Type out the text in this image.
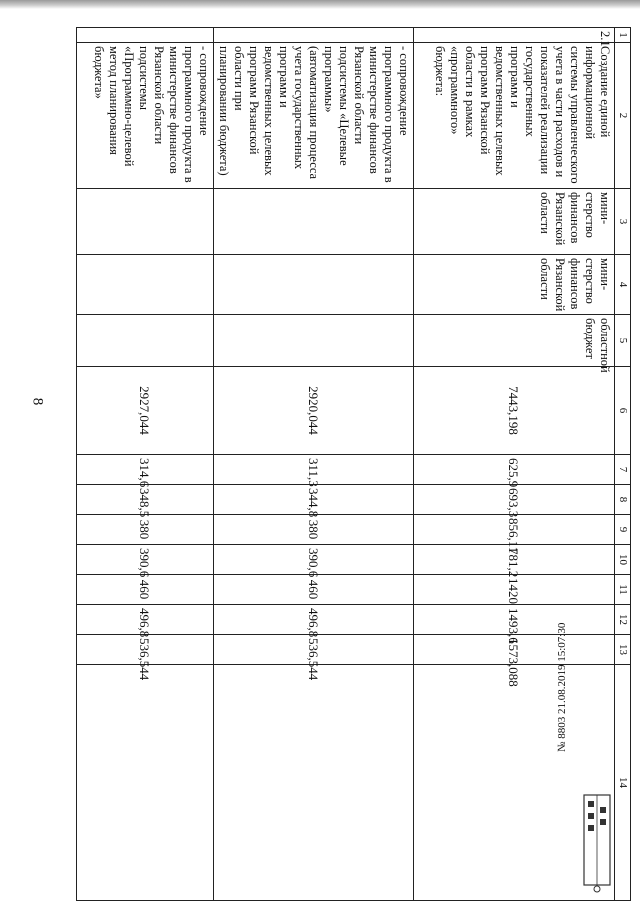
8
1	2	3	4	5	6	7	8	9	10	11	12	13	14
2.1	Создание единой информационной системы управленческого учета в части расходов и показателей реализации государственных программ и ведомственных целевых программ Рязанской области в рамках «программного» бюджета:	мини-стерство финансов Рязанской области	мини-стерство финансов Рязанской области	областной бюджет	7443,198	625,9	693,3	856,11	781,2	1420	1493,6	1573,088	
	- сопровождение программного продукта в министерстве финансов Рязанской области подсистемы «Целевые программы» (автоматизация процесса учета государственных программ и ведомственных целевых программ Рязанской области при планировании бюджета)				2920,044	311,3	344,8	380	390,6	460	496,8	536,544	
	- сопровождение программного продукта в министерстве финансов Рязанской области подсистемы «Программно-целевой метод планирования бюджета»				2927,044	314,6	348,5	380	390,6	460	496,8	536,544		№ 8803 21.08.2019 15:07:30
